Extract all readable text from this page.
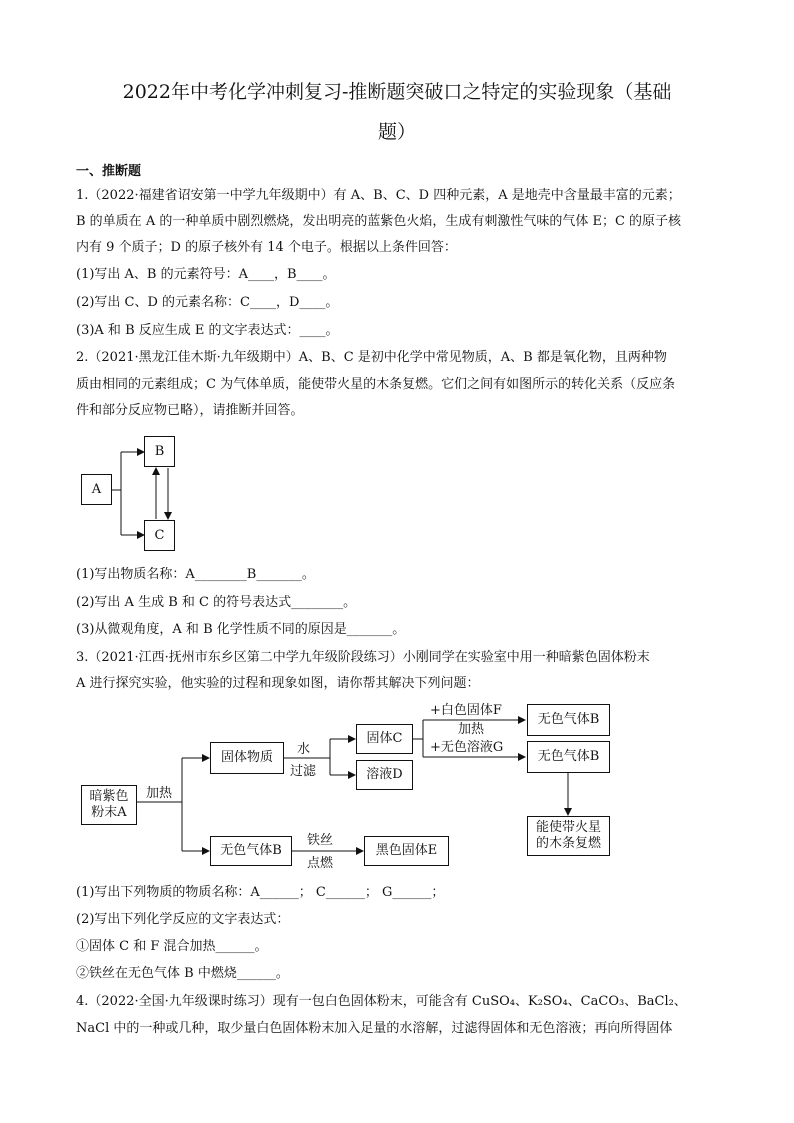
2022年中考化学冲刺复习-推断题突破口之特定的实验现象（基础
题）
一、推断题
1.（2022·福建省诏安第一中学九年级期中）有 A、B、C、D 四种元素，A 是地壳中含量最丰富的元素；
B 的单质在 A 的一种单质中剧烈燃烧，发出明亮的蓝紫色火焰，生成有刺激性气味的气体 E；C 的原子核
内有 9 个质子；D 的原子核外有 14 个电子。根据以上条件回答：
(1)写出 A、B 的元素符号：A____，B____。
(2)写出 C、D 的元素名称：C____，D____。
(3)A 和 B 反应生成 E 的文字表达式：____。
2.（2021·黑龙江佳木斯·九年级期中）A、B、C 是初中化学中常见物质，A、B 都是氧化物，且两种物
质由相同的元素组成；C 为气体单质，能使带火星的木条复燃。它们之间有如图所示的转化关系（反应条
件和部分反应物已略），请推断并回答。
A
B
C
(1)写出物质名称：A________B_______。
(2)写出 A 生成 B 和 C 的符号表达式________。
(3)从微观角度，A 和 B 化学性质不同的原因是_______。
3.（2021·江西·抚州市东乡区第二中学九年级阶段练习）小刚同学在实验室中用一种暗紫色固体粉末
A 进行探究实验，他实验的过程和现象如图，请你帮其解决下列问题：
暗紫色
粉末A
固体物质
固体C
溶液D
无色气体B
无色气体B
能使带火星
的木条复燃
无色气体B	黑色固体E
加热
水
过滤
+白色固体F
加热
+无色溶液G
铁丝
点燃
(1)写出下列物质的物质名称：A______； C______； G______；
(2)写出下列化学反应的文字表达式：
①固体 C 和 F 混合加热______。
②铁丝在无色气体 B 中燃烧______。
4.（2022·全国·九年级课时练习）现有一包白色固体粉末，可能含有 CuSO₄、K₂SO₄、CaCO₃、BaCl₂、
NaCl 中的一种或几种，取少量白色固体粉末加入足量的水溶解，过滤得固体和无色溶液；再向所得固体
